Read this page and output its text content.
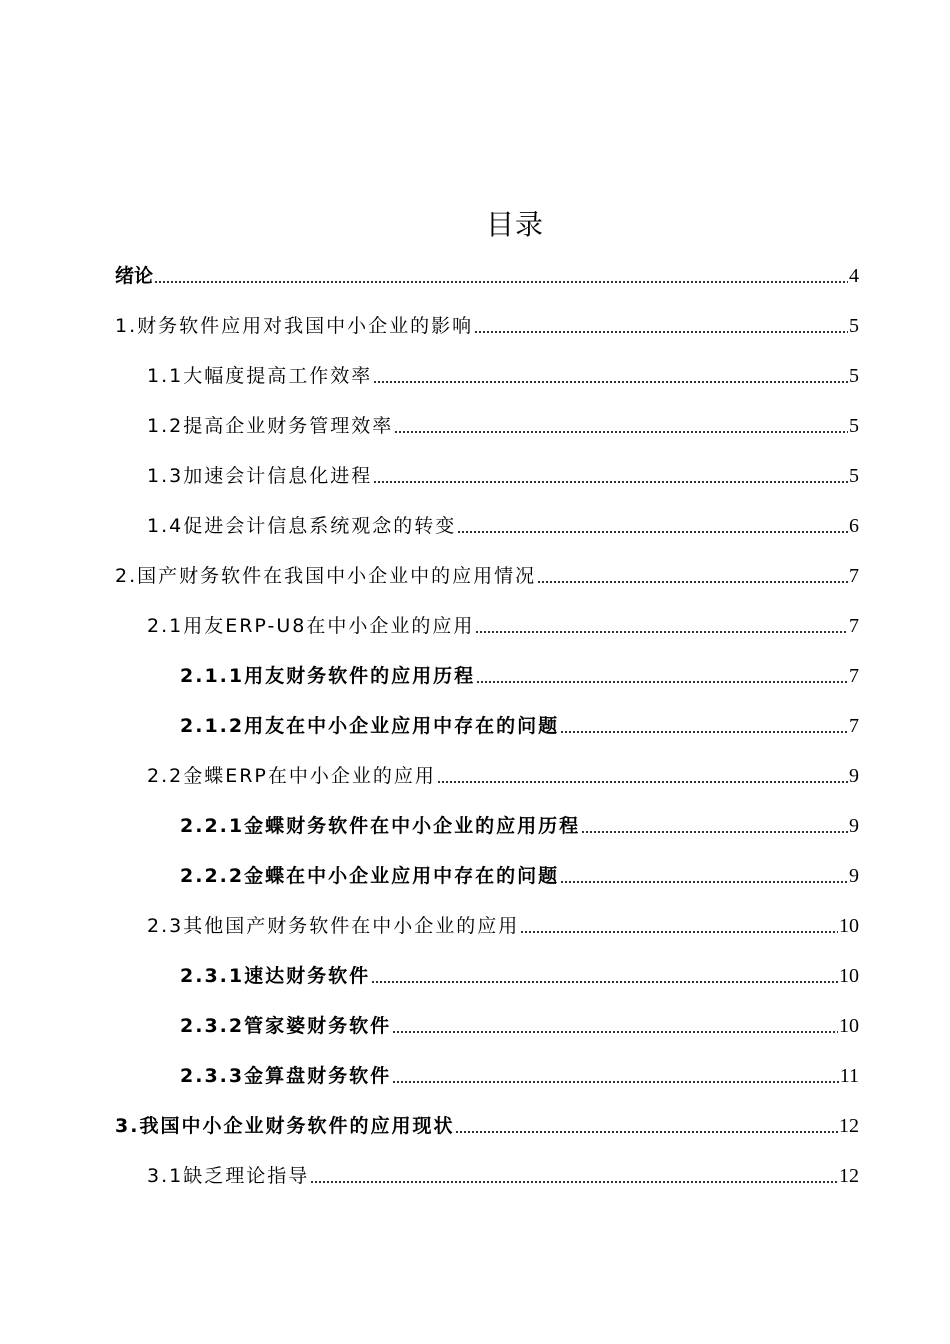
目录
绪论	4
1.财务软件应用对我国中小企业的影响	5
1.1大幅度提高工作效率	5
1.2提高企业财务管理效率	5
1.3加速会计信息化进程	5
1.4促进会计信息系统观念的转变	6
2.国产财务软件在我国中小企业中的应用情况	7
2.1用友ERP-U8在中小企业的应用	7
2.1.1用友财务软件的应用历程	7
2.1.2用友在中小企业应用中存在的问题	7
2.2金蝶ERP在中小企业的应用	9
2.2.1金蝶财务软件在中小企业的应用历程	9
2.2.2金蝶在中小企业应用中存在的问题	9
2.3其他国产财务软件在中小企业的应用	10
2.3.1速达财务软件	10
2.3.2管家婆财务软件	10
2.3.3金算盘财务软件	11
3.我国中小企业财务软件的应用现状	12
3.1缺乏理论指导	12
